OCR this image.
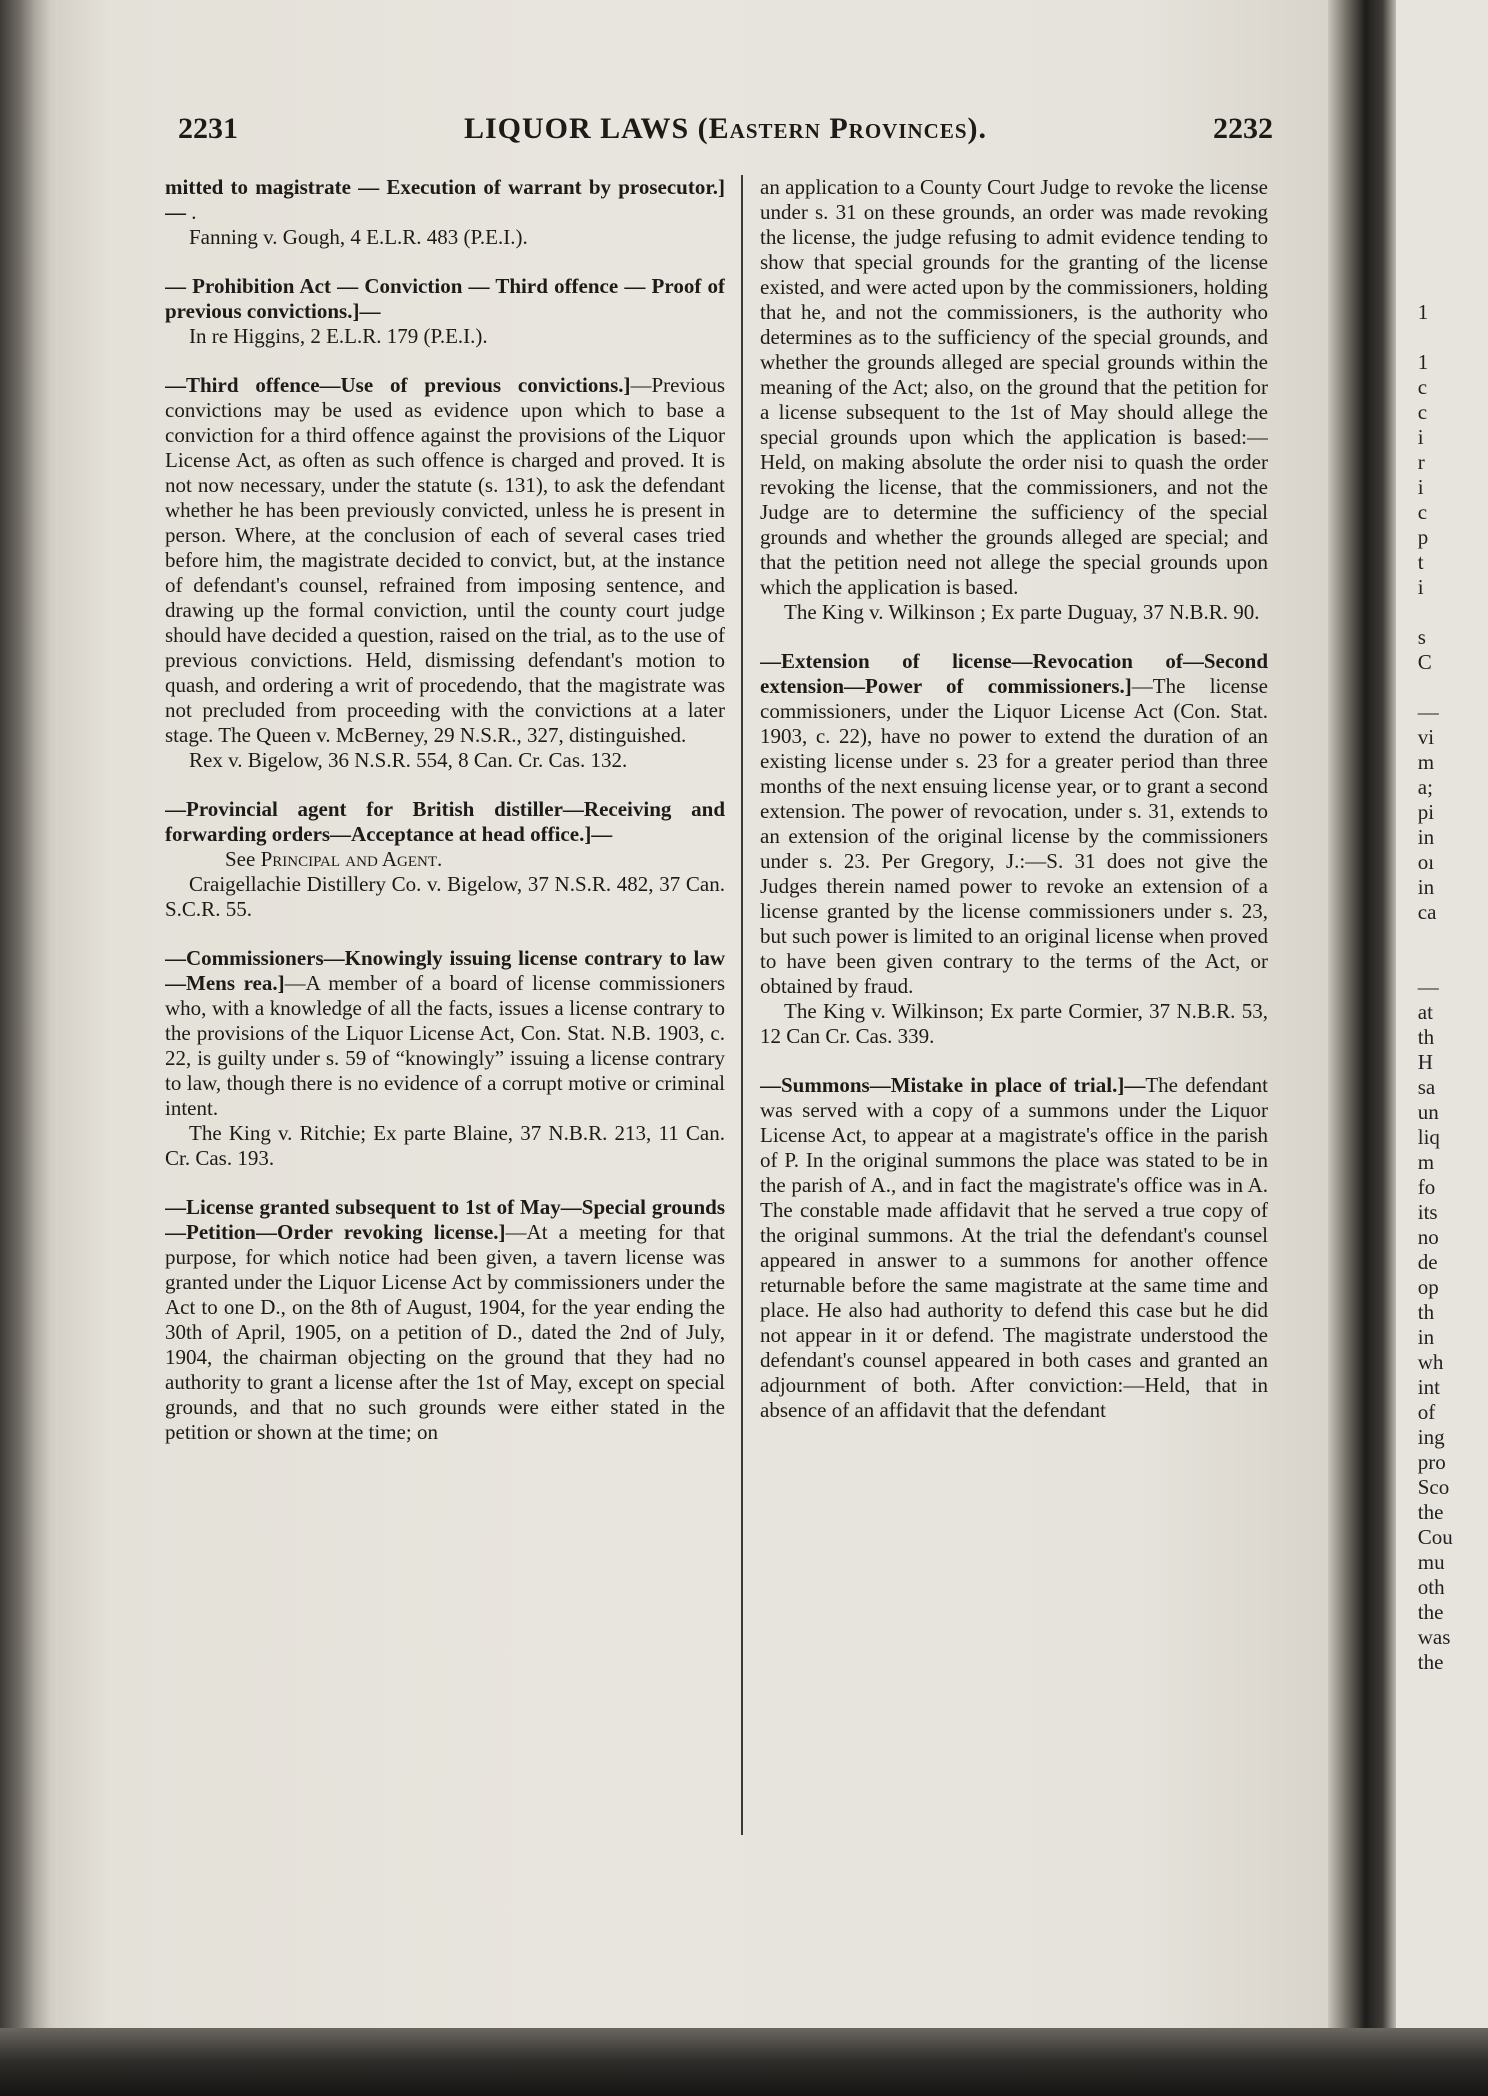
2231	LIQUOR LAWS (Eastern Provinces).	2232

mitted to magistrate — Execution of warrant by prosecutor.]— .

Fanning v. Gough, 4 E.L.R. 483 (P.E.I.).

— Prohibition Act — Conviction — Third offence — Proof of previous convictions.]—

In re Higgins, 2 E.L.R. 179 (P.E.I.).

—Third offence—Use of previous convictions.]—Previous convictions may be used as evidence upon which to base a conviction for a third offence against the provisions of the Liquor License Act, as often as such offence is charged and proved. It is not now necessary, under the statute (s. 131), to ask the defendant whether he has been previously convicted, unless he is present in person. Where, at the conclusion of each of several cases tried before him, the magistrate decided to convict, but, at the instance of defendant's counsel, refrained from imposing sentence, and drawing up the formal conviction, until the county court judge should have decided a question, raised on the trial, as to the use of previous convictions. Held, dismissing defendant's motion to quash, and ordering a writ of procedendo, that the magistrate was not precluded from proceeding with the convictions at a later stage. The Queen v. McBerney, 29 N.S.R., 327, distinguished.

Rex v. Bigelow, 36 N.S.R. 554, 8 Can. Cr. Cas. 132.

—Provincial agent for British distiller—Receiving and forwarding orders—Acceptance at head office.]—

See Principal and Agent.
Craigellachie Distillery Co. v. Bigelow, 37 N.S.R. 482, 37 Can. S.C.R. 55.

—Commissioners—Knowingly issuing license contrary to law—Mens rea.]—A member of a board of license commissioners who, with a knowledge of all the facts, issues a license contrary to the provisions of the Liquor License Act, Con. Stat. N.B. 1903, c. 22, is guilty under s. 59 of “knowingly” issuing a license contrary to law, though there is no evidence of a corrupt motive or criminal intent.

The King v. Ritchie; Ex parte Blaine, 37 N.B.R. 213, 11 Can. Cr. Cas. 193.

—License granted subsequent to 1st of May—Special grounds—Petition—Order revoking license.]—At a meeting for that purpose, for which notice had been given, a tavern license was granted under the Liquor License Act by commissioners under the Act to one D., on the 8th of August, 1904, for the year ending the 30th of April, 1905, on a petition of D., dated the 2nd of July, 1904, the chairman objecting on the ground that they had no authority to grant a license after the 1st of May, except on special grounds, and that no such grounds were either stated in the petition or shown at the time; on

an application to a County Court Judge to revoke the license under s. 31 on these grounds, an order was made revoking the license, the judge refusing to admit evidence tending to show that special grounds for the granting of the license existed, and were acted upon by the commissioners, holding that he, and not the commissioners, is the authority who determines as to the sufficiency of the special grounds, and whether the grounds alleged are special grounds within the meaning of the Act; also, on the ground that the petition for a license subsequent to the 1st of May should allege the special grounds upon which the application is based:—Held, on making absolute the order nisi to quash the order revoking the license, that the commissioners, and not the Judge are to determine the sufficiency of the special grounds and whether the grounds alleged are special; and that the petition need not allege the special grounds upon which the application is based.

The King v. Wilkinson ; Ex parte Duguay, 37 N.B.R. 90.

—Extension of license—Revocation of—Second extension—Power of commissioners.]—The license commissioners, under the Liquor License Act (Con. Stat. 1903, c. 22), have no power to extend the duration of an existing license under s. 23 for a greater period than three months of the next ensuing license year, or to grant a second extension. The power of revocation, under s. 31, extends to an extension of the original license by the commissioners under s. 23. Per Gregory, J.:—S. 31 does not give the Judges therein named power to revoke an extension of a license granted by the license commissioners under s. 23, but such power is limited to an original license when proved to have been given contrary to the terms of the Act, or obtained by fraud.

The King v. Wilkinson; Ex parte Cormier, 37 N.B.R. 53, 12 Can Cr. Cas. 339.

—Summons—Mistake in place of trial.]—The defendant was served with a copy of a summons under the Liquor License Act, to appear at a magistrate's office in the parish of P. In the original summons the place was stated to be in the parish of A., and in fact the magistrate's office was in A. The constable made affidavit that he served a true copy of the original summons. At the trial the defendant's counsel appeared in answer to a summons for another offence returnable before the same magistrate at the same time and place. He also had authority to defend this case but he did not appear in it or defend. The magistrate understood the defendant's counsel appeared in both cases and granted an adjournment of both. After conviction:—Held, that in absence of an affidavit that the defendant

1

1
c
c
i
r
i
c
p
t
i

s
C

—
vi
m
a;
pi
in
oı
in
ca

—
at
th
H
sa
un
liq
m
fo
its
no
de
op
th
in
wh
int
of
ing
pro
Sco
the
Cou
mu
oth
the
was
the
